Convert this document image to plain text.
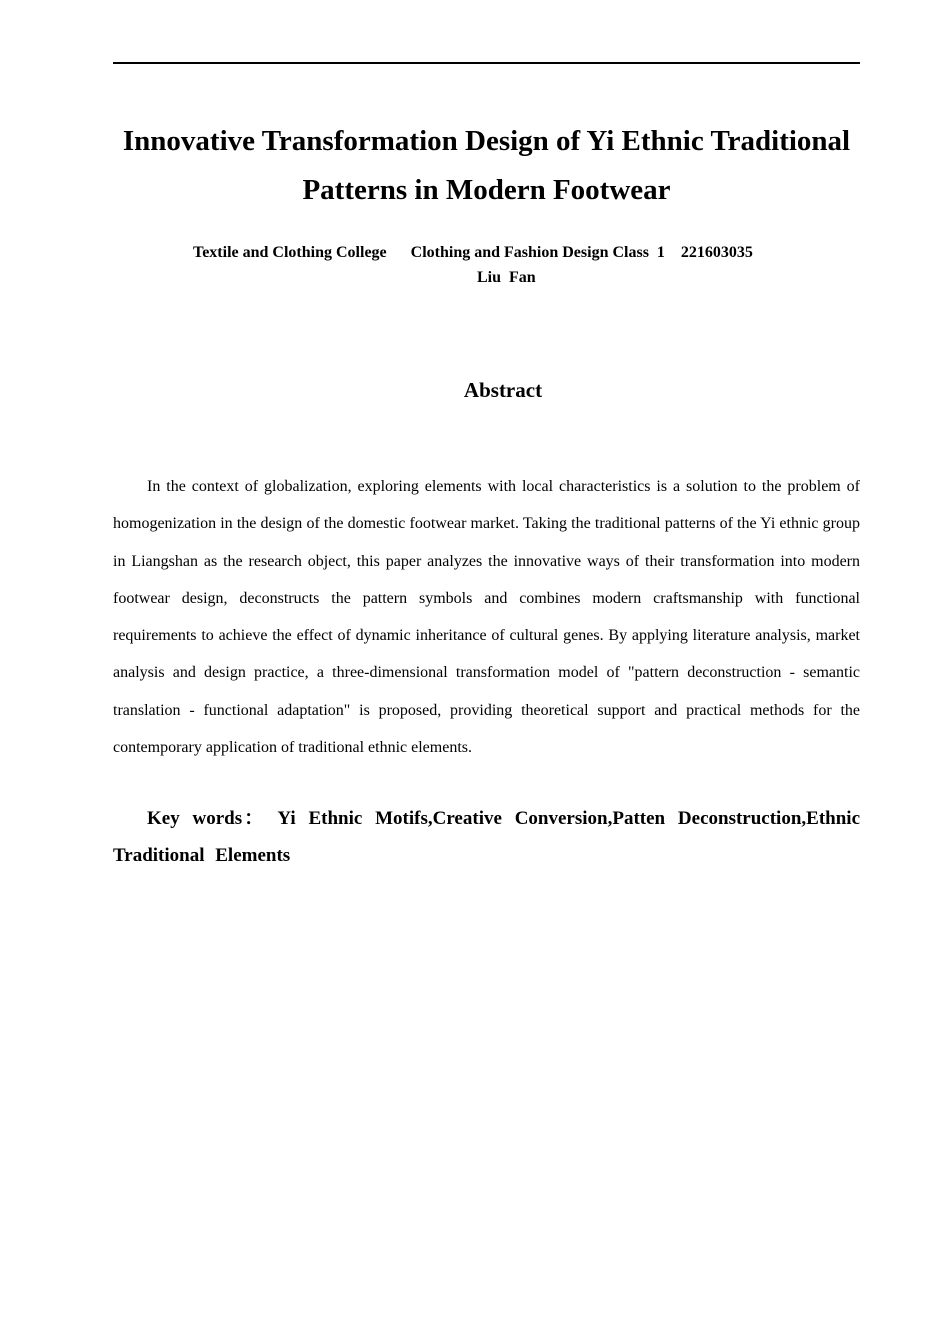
Innovative Transformation Design of Yi Ethnic Traditional
Patterns in Modern Footwear
Textile and Clothing College      Clothing and Fashion Design Class  1    221603035
Liu  Fan
Abstract

In the context of globalization, exploring elements with local characteristics is a solution to the problem of homogenization in the design of the domestic footwear market. Taking the traditional patterns of the Yi ethnic group in Liangshan as the research object, this paper analyzes the innovative ways of their transformation into modern footwear design, deconstructs the pattern symbols and combines modern craftsmanship with functional requirements to achieve the effect of dynamic inheritance of cultural genes. By applying literature analysis, market analysis and design practice, a three-dimensional transformation model of "pattern deconstruction - semantic translation - functional adaptation" is proposed, providing theoretical support and practical methods for the contemporary application of traditional ethnic elements.

Key words： Yi Ethnic Motifs,Creative Conversion,Patten Deconstruction,Ethnic Traditional Elements
